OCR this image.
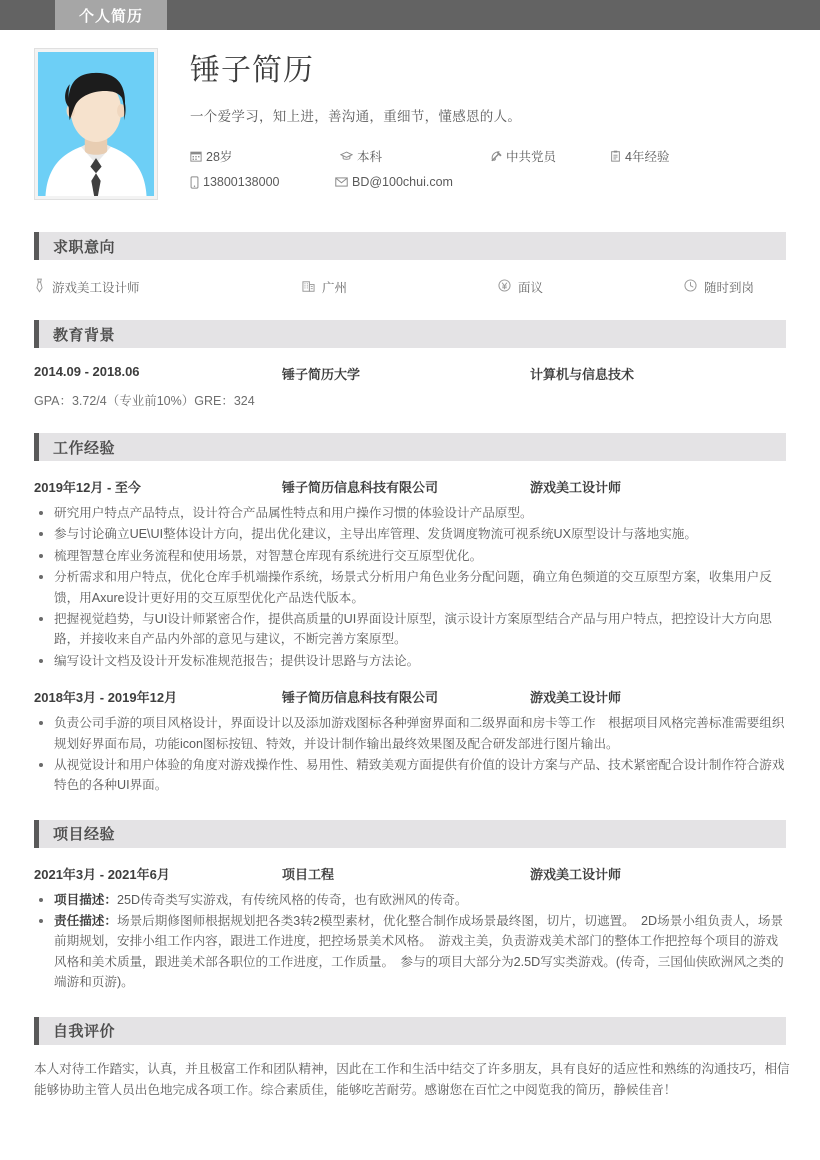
个人简历
锤子简历
一个爱学习，知上进，善沟通，重细节，懂感恩的人。
28岁	本科	中共党员	4年经验
13800138000	BD@100chui.com
求职意向
游戏美工设计师	广州	面议	随时到岗
教育背景
2014.09 - 2018.06	锤子简历大学	计算机与信息技术
GPA：3.72/4（专业前10%）GRE：324
工作经验
2019年12月 - 至今	锤子简历信息科技有限公司	游戏美工设计师
研究用户特点产品特点，设计符合产品属性特点和用户操作习惯的体验设计产品原型。
参与讨论确立UE\UI整体设计方向，提出优化建议，主导出库管理、发货调度物流可视系统UX原型设计与落地实施。
梳理智慧仓库业务流程和使用场景，对智慧仓库现有系统进行交互原型优化。
分析需求和用户特点，优化仓库手机端操作系统，场景式分析用户角色业务分配问题，确立角色频道的交互原型方案，收集用户反馈，用Axure设计更好用的交互原型优化产品迭代版本。
把握视觉趋势，与UI设计师紧密合作，提供高质量的UI界面设计原型，演示设计方案原型结合产品与用户特点，把控设计大方向思路，并接收来自产品内外部的意见与建议，不断完善方案原型。
编写设计文档及设计开发标准规范报告；提供设计思路与方法论。
2018年3月 - 2019年12月	锤子简历信息科技有限公司	游戏美工设计师
负责公司手游的项目风格设计，界面设计以及添加游戏图标各种弹窗界面和二级界面和房卡等工作　根据项目风格完善标准需要组织规划好界面布局，功能icon图标按钮、特效，并设计制作输出最终效果图及配合研发部进行图片输出。
从视觉设计和用户体验的角度对游戏操作性、易用性、精致美观方面提供有价值的设计方案与产品、技术紧密配合设计制作符合游戏特色的各种UI界面。
项目经验
2021年3月 - 2021年6月	项目工程	游戏美工设计师
项目描述：25D传奇类写实游戏，有传统风格的传奇，也有欧洲风的传奇。
责任描述：场景后期修图师根据规划把各类3转2模型素材，优化整合制作成场景最终图，切片，切遮置。　2D场景小组负责人，场景前期规划，安排小组工作内容，跟进工作进度，把控场景美术风格。　游戏主美，负责游戏美术部门的整体工作把控每个项目的游戏风格和美术质量，跟进美术部各职位的工作进度，工作质量。　参与的项目大部分为2.5D写实类游戏。(传奇，三国仙侠欧洲风之类的端游和页游)。
自我评价
本人对待工作踏实，认真，并且极富工作和团队精神，因此在工作和生活中结交了许多朋友，具有良好的适应性和熟练的沟通技巧，相信能够协助主管人员出色地完成各项工作。综合素质佳，能够吃苦耐劳。感谢您在百忙之中阅览我的简历，静候佳音！
